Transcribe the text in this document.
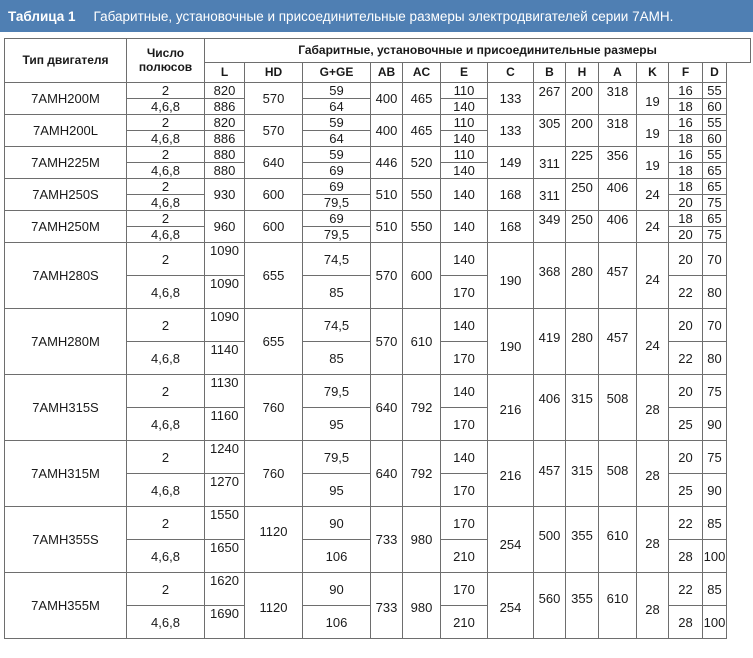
Таблица 1 Габаритные, установочные и присоединительные размеры электродвигателей серии 7АМН.
Тип двигателя	Число полюсов	Габаритные, установочные и присоединительные размеры												
		L	HD	G+GE	AB	AC	E	C	B	H	A	K	F	D
7АМН200М	2	820	570	59	400	465	110	133	267	200	318	19	16	55
	4,6,8	886		64			140						18	60
7АМН200L	2	820	570	59	400	465	110	133	305	200	318	19	16	55
	4,6,8	886		64			140						18	60
7АМН225М	2	880	640	59	446	520	110	149	311	225	356	19	16	55
	4,6,8	880		69			140						18	65
7АМН250S	2	930	600	69	510	550	140	168	311	250	406	24	18	65
	4,6,8			79,5									20	75
7АМН250М	2	960	600	69	510	550	140	168	349	250	406	24	18	65
	4,6,8			79,5									20	75
7АМН280S	2	1090	655	74,5	570	600	140	190	368	280	457	24	20	70
	4,6,8	1090		85			170						22	80
7АМН280М	2	1090	655	74,5	570	610	140	190	419	280	457	24	20	70
	4,6,8	1140		85			170						22	80
7АМН315S	2	1130	760	79,5	640	792	140	216	406	315	508	28	20	75
	4,6,8	1160		95			170						25	90
7АМН315М	2	1240	760	79,5	640	792	140	216	457	315	508	28	20	75
	4,6,8	1270		95			170						25	90
7АМН355S	2	1550	1120	90	733	980	170	254	500	355	610	28	22	85
	4,6,8	1650		106			210						28	100
7АМН355М	2	1620	1120	90	733	980	170	254	560	355	610	28	22	85
	4,6,8	1690		106			210						28	100
